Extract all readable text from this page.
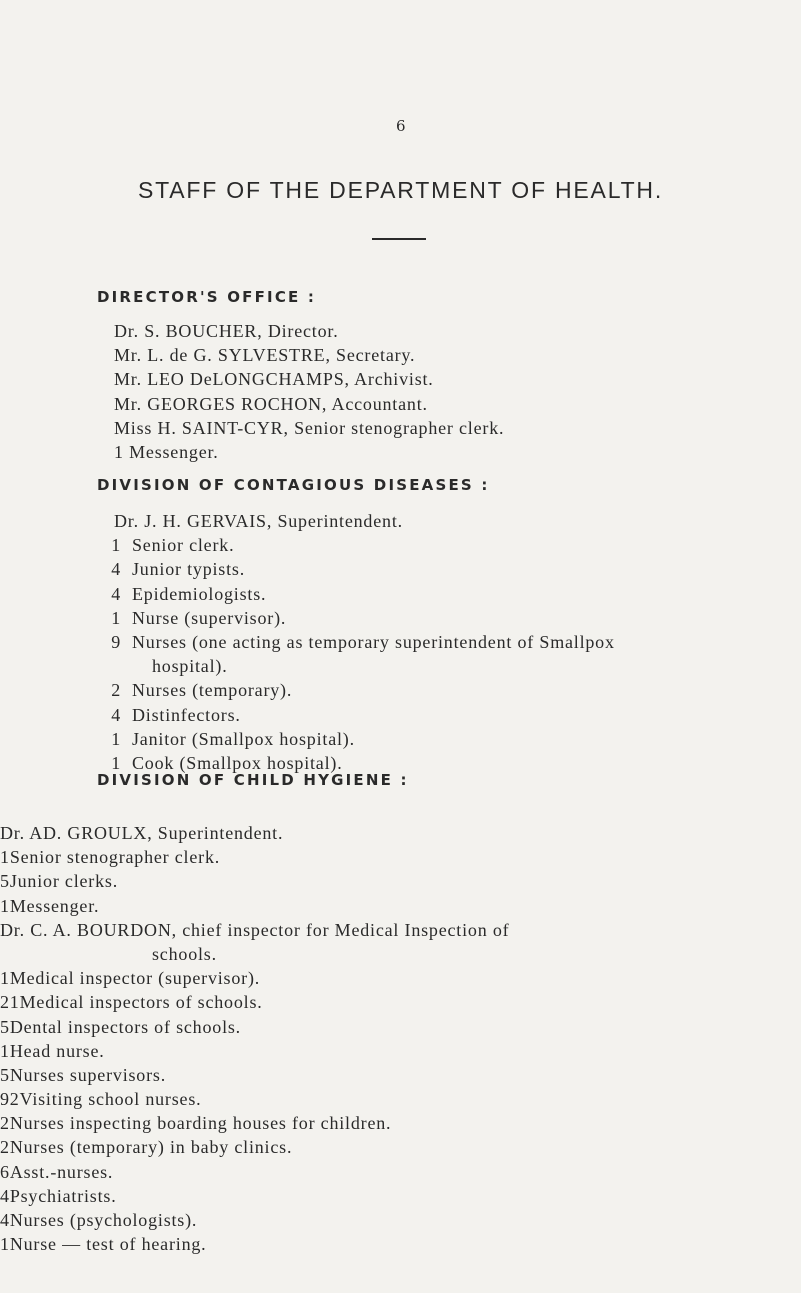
6
STAFF OF THE DEPARTMENT OF HEALTH.
DIRECTOR'S OFFICE :
Dr. S. BOUCHER, Director.
Mr. L. de G. SYLVESTRE, Secretary.
Mr. LEO DeLONGCHAMPS, Archivist.
Mr. GEORGES ROCHON, Accountant.
Miss H. SAINT-CYR, Senior stenographer clerk.
1 Messenger.
DIVISION OF CONTAGIOUS DISEASES :
Dr. J. H. GERVAIS, Superintendent.
1 Senior clerk.
4 Junior typists.
4 Epidemiologists.
1 Nurse (supervisor).
9 Nurses (one acting as temporary superintendent of Smallpox
hospital).
2 Nurses (temporary).
4 Distinfectors.
1 Janitor (Smallpox hospital).
1 Cook (Smallpox hospital).
DIVISION OF CHILD HYGIENE :
Dr. AD. GROULX, Superintendent.
1Senior stenographer clerk.
5Junior clerks.
1Messenger.
Dr. C. A. BOURDON, chief inspector for Medical Inspection of
schools.
1Medical inspector (supervisor).
21Medical inspectors of schools.
5Dental inspectors of schools.
1Head nurse.
5Nurses supervisors.
92Visiting school nurses.
2Nurses inspecting boarding houses for children.
2Nurses (temporary) in baby clinics.
6Asst.-nurses.
4Psychiatrists.
4Nurses (psychologists).
1Nurse — test of hearing.
